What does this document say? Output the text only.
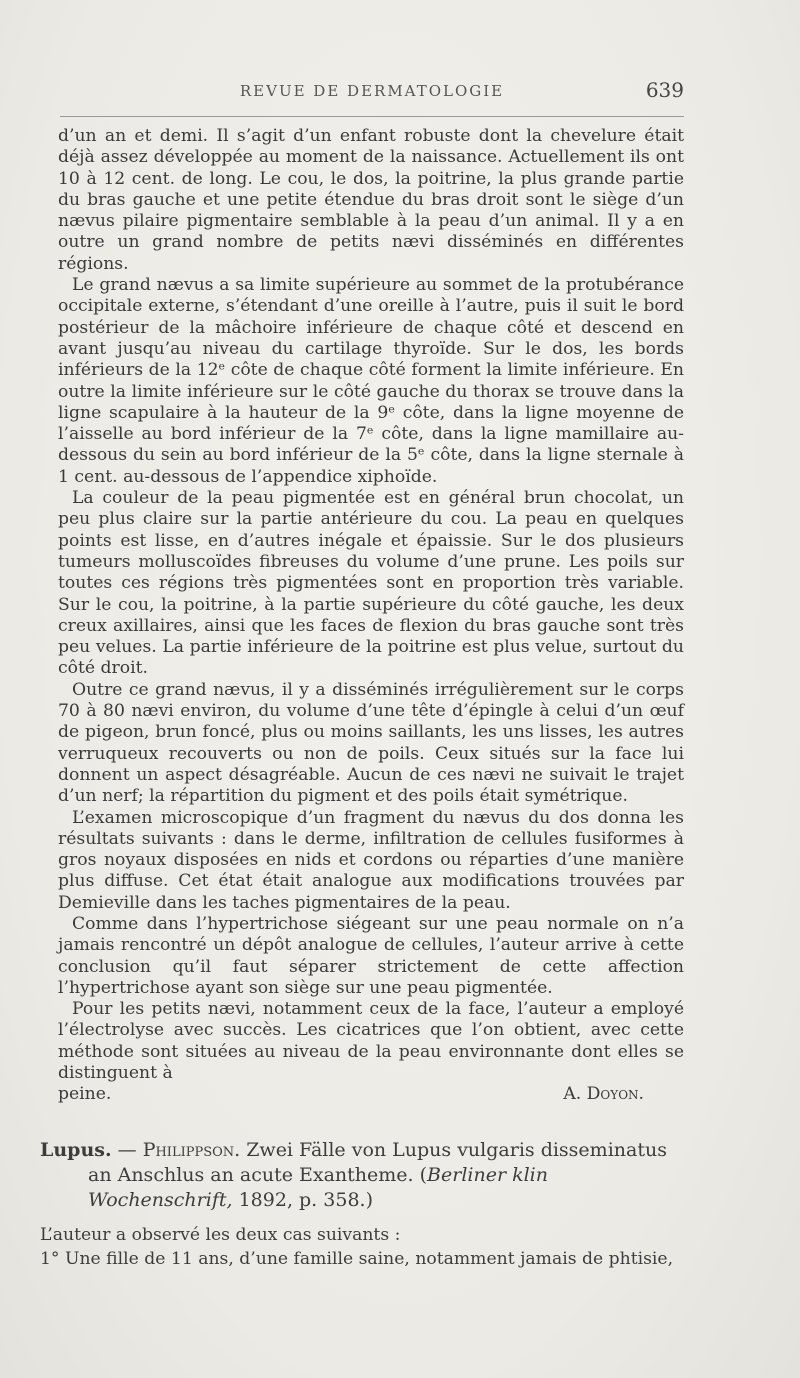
REVUE DE DERMATOLOGIE	639

d’un an et demi. Il s’agit d’un enfant robuste dont la chevelure était déjà assez développée au moment de la naissance. Actuellement ils ont 10 à 12 cent. de long. Le cou, le dos, la poitrine, la plus grande partie du bras gauche et une petite étendue du bras droit sont le siège d’un nævus pilaire pigmentaire semblable à la peau d’un animal. Il y a en outre un grand nombre de petits nævi disséminés en différentes régions.

Le grand nævus a sa limite supérieure au sommet de la protubérance occipitale externe, s’étendant d’une oreille à l’autre, puis il suit le bord postérieur de la mâchoire inférieure de chaque côté et descend en avant jusqu’au niveau du cartilage thyroïde. Sur le dos, les bords inférieurs de la 12ᵉ côte de chaque côté forment la limite inférieure. En outre la limite inférieure sur le côté gauche du thorax se trouve dans la ligne scapulaire à la hauteur de la 9ᵉ côte, dans la ligne moyenne de l’aisselle au bord inférieur de la 7ᵉ côte, dans la ligne mamillaire au-dessous du sein au bord inférieur de la 5ᵉ côte, dans la ligne sternale à 1 cent. au-dessous de l’appendice xiphoïde.

La couleur de la peau pigmentée est en général brun chocolat, un peu plus claire sur la partie antérieure du cou. La peau en quelques points est lisse, en d’autres inégale et épaissie. Sur le dos plusieurs tumeurs molluscoïdes fibreuses du volume d’une prune. Les poils sur toutes ces régions très pigmentées sont en proportion très variable. Sur le cou, la poitrine, à la partie supérieure du côté gauche, les deux creux axillaires, ainsi que les faces de flexion du bras gauche sont très peu velues. La partie inférieure de la poitrine est plus velue, surtout du côté droit.

Outre ce grand nævus, il y a disséminés irrégulièrement sur le corps 70 à 80 nævi environ, du volume d’une tête d’épingle à celui d’un œuf de pigeon, brun foncé, plus ou moins saillants, les uns lisses, les autres verruqueux recouverts ou non de poils. Ceux situés sur la face lui donnent un aspect désagréable. Aucun de ces nævi ne suivait le trajet d’un nerf; la répartition du pigment et des poils était symétrique.

L’examen microscopique d’un fragment du nævus du dos donna les résultats suivants : dans le derme, infiltration de cellules fusiformes à gros noyaux disposées en nids et cordons ou réparties d’une manière plus diffuse. Cet état était analogue aux modifications trouvées par Demieville dans les taches pigmentaires de la peau.

Comme dans l’hypertrichose siégeant sur une peau normale on n’a jamais rencontré un dépôt analogue de cellules, l’auteur arrive à cette conclusion qu’il faut séparer strictement de cette affection l’hypertrichose ayant son siège sur une peau pigmentée.

Pour les petits nævi, notamment ceux de la face, l’auteur a employé l’électrolyse avec succès. Les cicatrices que l’on obtient, avec cette méthode sont situées au niveau de la peau environnante dont elles se distinguent à

peine.	A. Doyon.
Lupus. — Philippson. Zwei Fälle von Lupus vulgaris disseminatus an Anschlus an acute Exantheme. (Berliner klin Wochenschrift, 1892, p. 358.)
L’auteur a observé les deux cas suivants :
1° Une fille de 11 ans, d’une famille saine, notamment jamais de phtisie,
